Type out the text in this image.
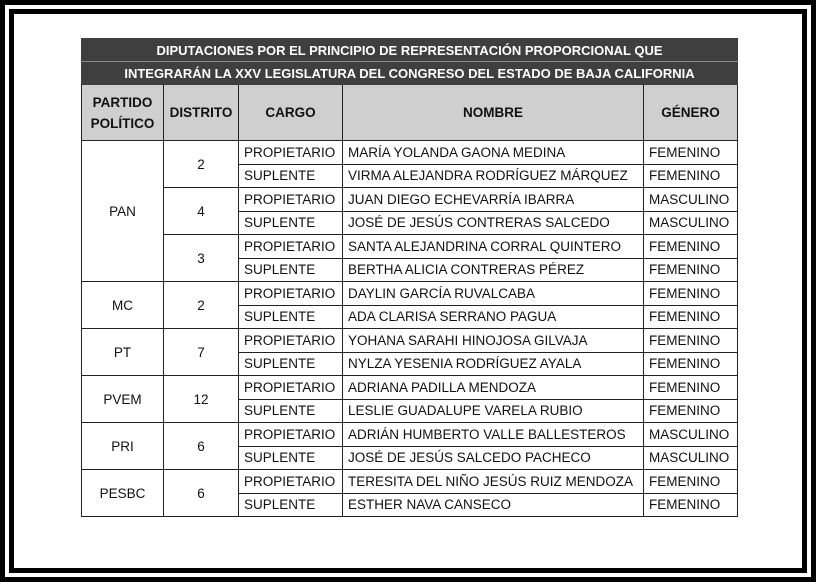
DIPUTACIONES POR EL PRINCIPIO DE REPRESENTACIÓN PROPORCIONAL QUE				
INTEGRARÁN LA XXV LEGISLATURA DEL CONGRESO DEL ESTADO DE BAJA CALIFORNIA				
PARTIDO POLÍTICO	DISTRITO	CARGO	NOMBRE	GÉNERO
PAN	2	PROPIETARIO	MARÍA YOLANDA GAONA MEDINA	FEMENINO
		SUPLENTE	VIRMA ALEJANDRA RODRÍGUEZ MÁRQUEZ	FEMENINO
	4	PROPIETARIO	JUAN DIEGO ECHEVARRÍA IBARRA	MASCULINO
		SUPLENTE	JOSÉ DE JESÚS CONTRERAS SALCEDO	MASCULINO
	3	PROPIETARIO	SANTA ALEJANDRINA CORRAL QUINTERO	FEMENINO
		SUPLENTE	BERTHA ALICIA CONTRERAS PÉREZ	FEMENINO
MC	2	PROPIETARIO	DAYLIN GARCÍA RUVALCABA	FEMENINO
		SUPLENTE	ADA CLARISA SERRANO PAGUA	FEMENINO
PT	7	PROPIETARIO	YOHANA SARAHI HINOJOSA GILVAJA	FEMENINO
		SUPLENTE	NYLZA YESENIA RODRÍGUEZ AYALA	FEMENINO
PVEM	12	PROPIETARIO	ADRIANA PADILLA MENDOZA	FEMENINO
		SUPLENTE	LESLIE GUADALUPE VARELA RUBIO	FEMENINO
PRI	6	PROPIETARIO	ADRIÁN HUMBERTO VALLE BALLESTEROS	MASCULINO
		SUPLENTE	JOSÉ DE JESÚS SALCEDO PACHECO	MASCULINO
PESBC	6	PROPIETARIO	TERESITA DEL NIÑO JESÚS RUIZ MENDOZA	FEMENINO
		SUPLENTE	ESTHER NAVA CANSECO	FEMENINO
